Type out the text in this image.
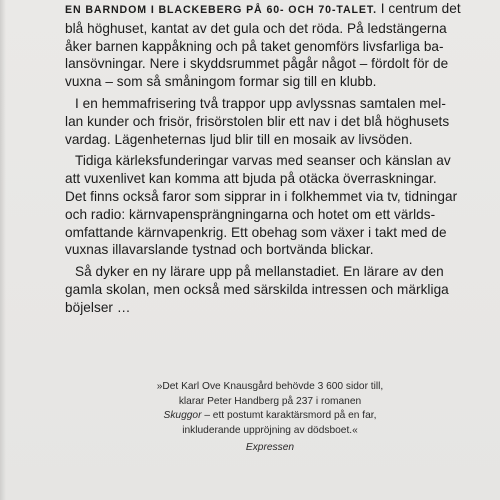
EN BARNDOM I BLACKEBERG PÅ 60- OCH 70-TALET. I centrum det
blå höghuset, kantat av det gula och det röda. På ledstängerna
åker barnen kappåkning och på taket genomförs livsfarliga ba-
lansövningar. Nere i skyddsrummet pågår något – fördolt för de
vuxna – som så småningom formar sig till en klubb.

I en hemmafrisering två trappor upp avlyssnas samtalen mel-
lan kunder och frisör, frisörstolen blir ett nav i det blå höghusets
vardag. Lägenheternas ljud blir till en mosaik av livsöden.

Tidiga kärleksfunderingar varvas med seanser och känslan av
att vuxenlivet kan komma att bjuda på otäcka överraskningar.
Det finns också faror som sipprar in i folkhemmet via tv, tidningar
och radio: kärnvapensprängningarna och hotet om ett världs-
omfattande kärnvapenkrig. Ett obehag som växer i takt med de
vuxnas illavarslande tystnad och bortvända blickar.

Så dyker en ny lärare upp på mellanstadiet. En lärare av den
gamla skolan, men också med särskilda intressen och märkliga
böjelser …

»Det Karl Ove Knausgård behövde 3 600 sidor till,
klarar Peter Handberg på 237 i romanen
Skuggor – ett postumt karaktärsmord på en far,
inkluderande uppröjning av dödsboet.«
Expressen
